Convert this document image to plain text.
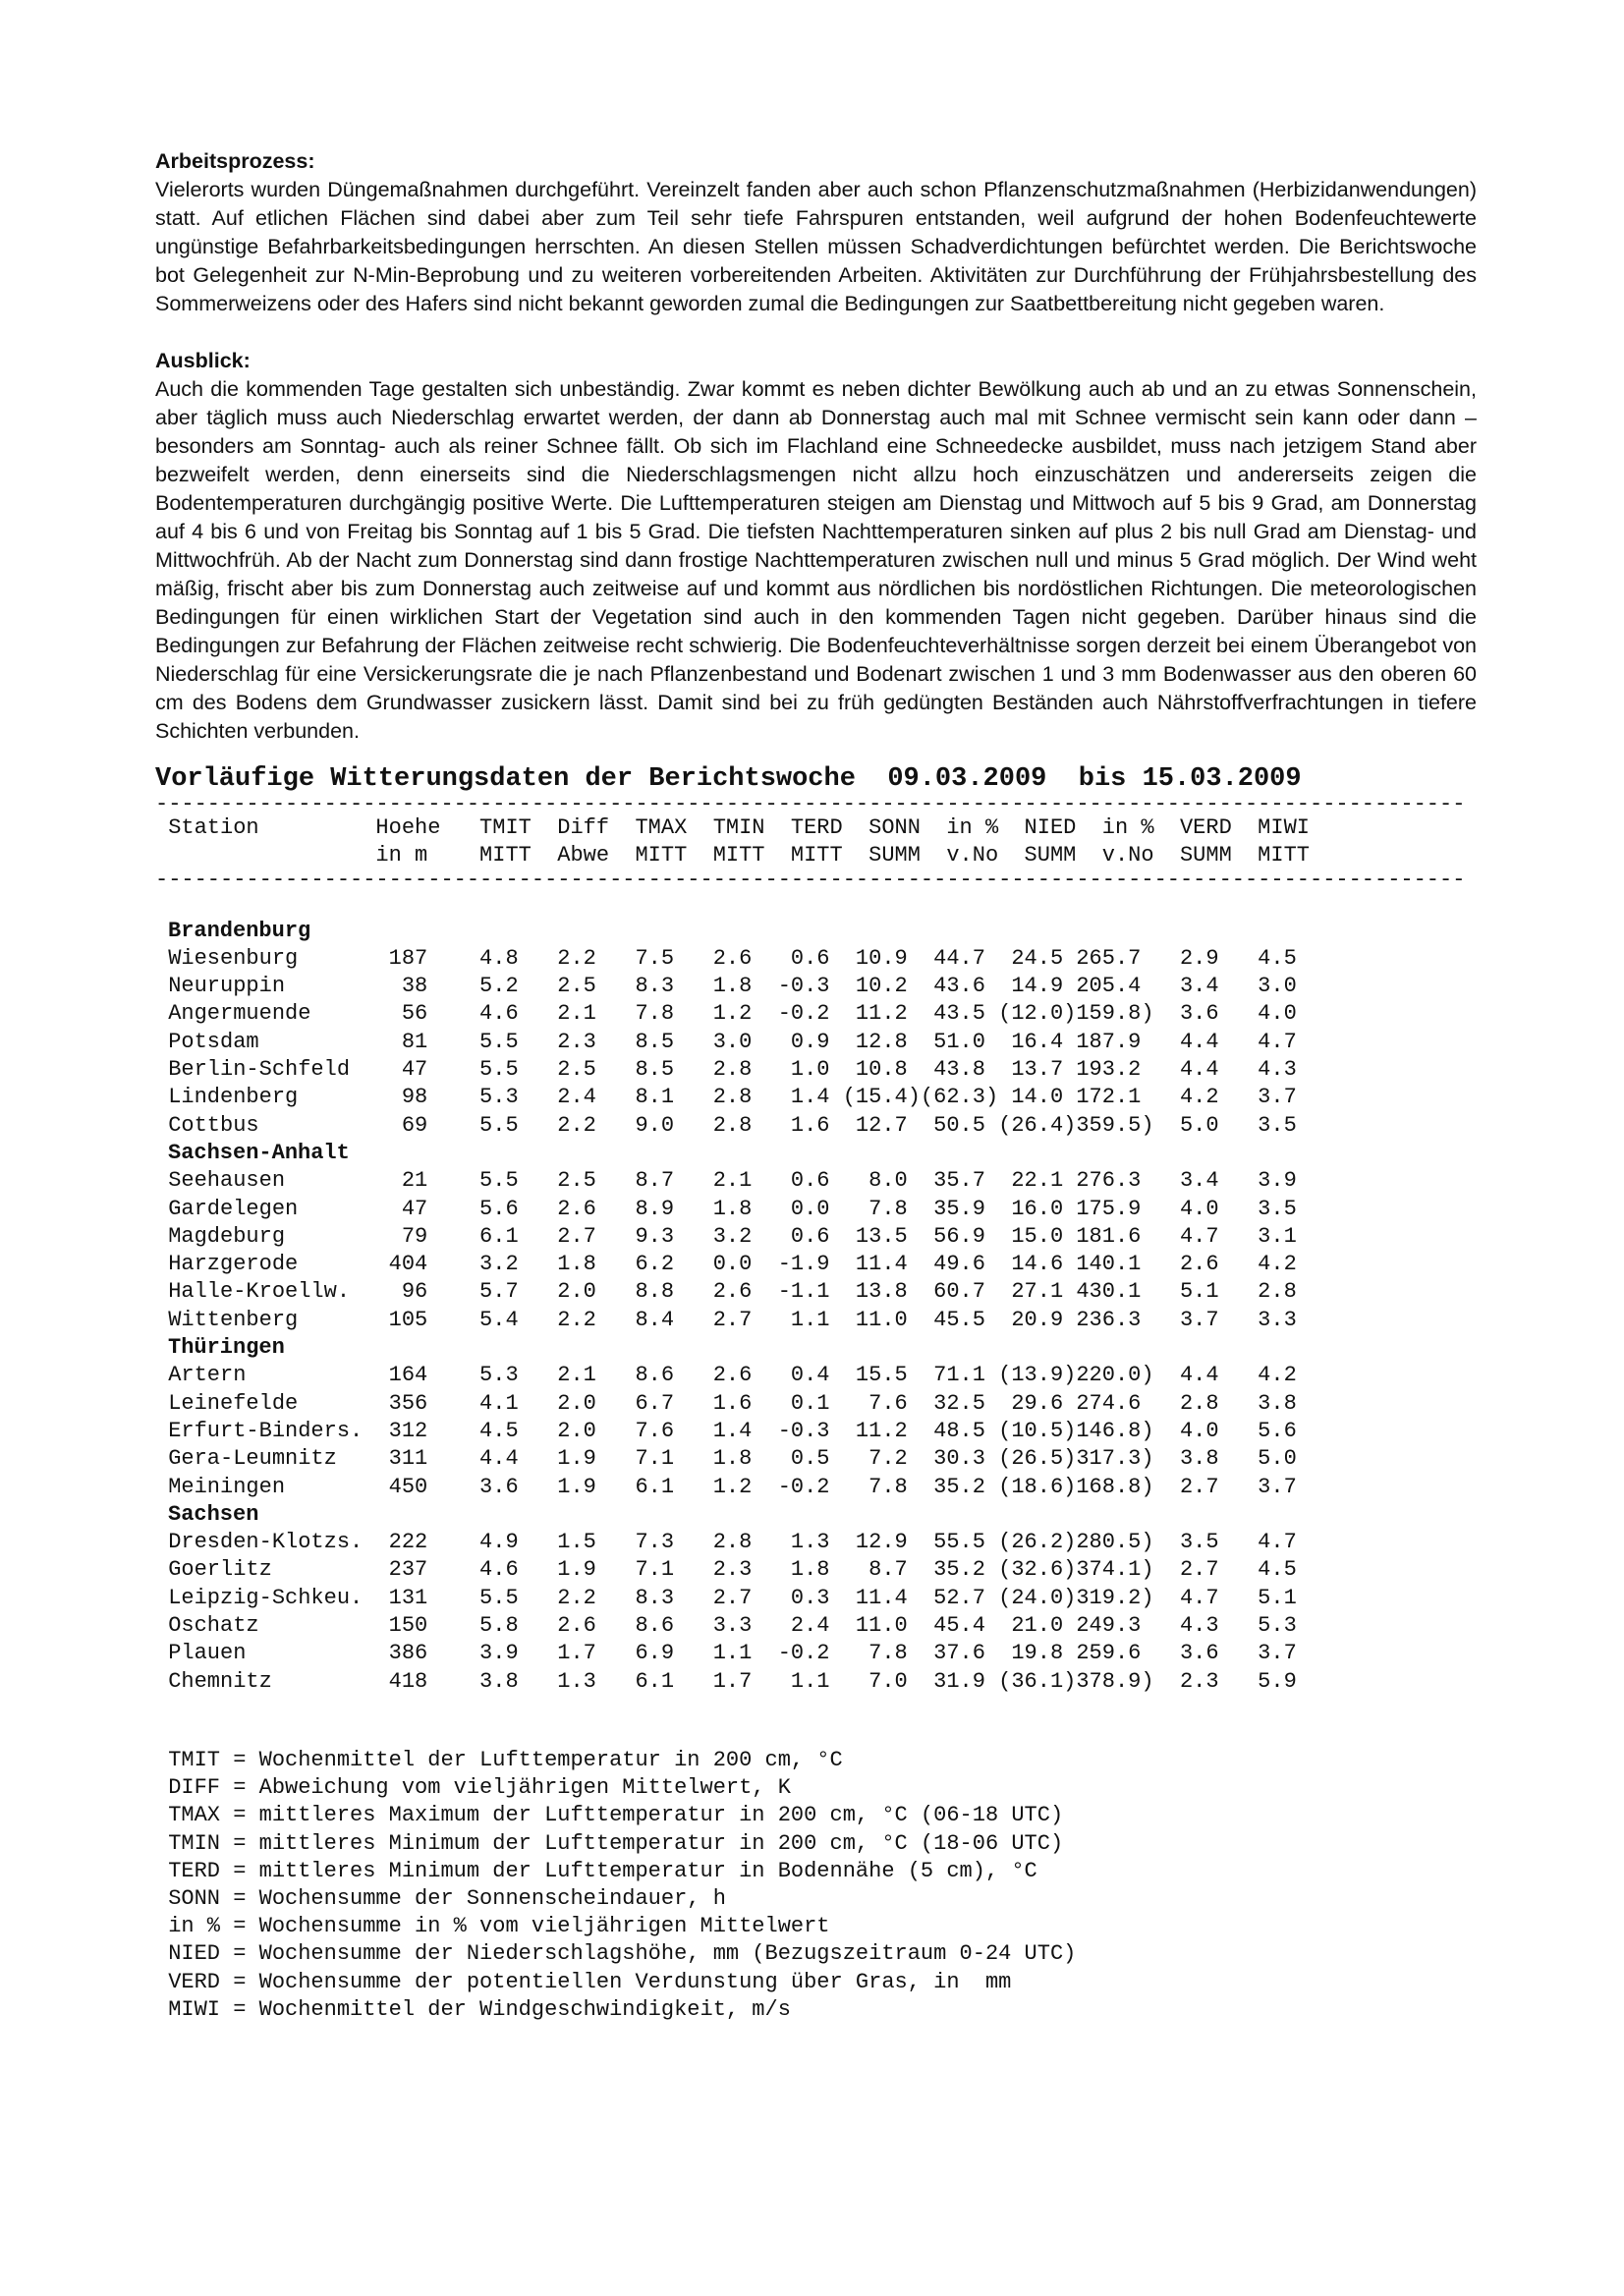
Arbeitsprozess:

Vielerorts wurden Düngemaßnahmen durchgeführt. Vereinzelt fanden aber auch schon Pflanzenschutzmaßnahmen (Herbizidanwendungen) statt. Auf etlichen Flächen sind dabei aber zum Teil sehr tiefe Fahrspuren entstanden, weil aufgrund der hohen Bodenfeuchtewerte ungünstige Befahrbarkeitsbedingungen herrschten. An diesen Stellen müssen Schadverdichtungen befürchtet werden. Die Berichtswoche bot Gelegenheit zur N-Min-Beprobung und zu weiteren vorbereitenden Arbeiten. Aktivitäten zur Durchführung der Frühjahrsbestellung des Sommerweizens oder des Hafers sind nicht bekannt geworden zumal die Bedingungen zur Saatbettbereitung nicht gegeben waren.

Ausblick:

Auch die kommenden Tage gestalten sich unbeständig. Zwar kommt es neben dichter Bewölkung auch ab und an zu etwas Sonnenschein, aber täglich muss auch Niederschlag erwartet werden, der dann ab Donnerstag auch mal mit Schnee vermischt sein kann oder dann –besonders am Sonntag- auch als reiner Schnee fällt. Ob sich im Flachland eine Schneedecke ausbildet, muss nach jetzigem Stand aber bezweifelt werden, denn einerseits sind die Niederschlagsmengen nicht allzu hoch einzuschätzen und andererseits zeigen die Bodentemperaturen durchgängig positive Werte. Die Lufttemperaturen steigen am Dienstag und Mittwoch auf 5 bis 9 Grad, am Donnerstag auf 4 bis 6 und von Freitag bis Sonntag auf 1 bis 5 Grad. Die tiefsten Nachttemperaturen sinken auf plus 2 bis null Grad am Dienstag- und Mittwochfrüh. Ab der Nacht zum Donnerstag sind dann frostige Nachttemperaturen zwischen null und minus 5 Grad möglich. Der Wind weht mäßig, frischt aber bis zum Donnerstag auch zeitweise auf und kommt aus nördlichen bis nordöstlichen Richtungen. Die meteorologischen Bedingungen für einen wirklichen Start der Vegetation sind auch in den kommenden Tagen nicht gegeben. Darüber hinaus sind die Bedingungen zur Befahrung der Flächen zeitweise recht schwierig. Die Bodenfeuchteverhältnisse sorgen derzeit bei einem Überangebot von Niederschlag für eine Versickerungsrate die je nach Pflanzenbestand und Bodenart zwischen 1 und 3 mm Bodenwasser aus den oberen 60 cm des Bodens dem Grundwasser zusickern lässt. Damit sind bei zu früh gedüngten Beständen auch Nährstoffverfrachtungen in tiefere Schichten verbunden.

Vorläufige Witterungsdaten der Berichtswoche  09.03.2009  bis 15.03.2009

-----------------------------------------------------------------------------------------------------

Station         Hoehe   TMIT  Diff  TMAX  TMIN  TERD  SONN  in %  NIED  in %  VERD  MIWI

in m    MITT  Abwe  MITT  MITT  MITT  SUMM  v.No  SUMM  v.No  SUMM  MITT

-----------------------------------------------------------------------------------------------------

Brandenburg

Wiesenburg       187    4.8   2.2   7.5   2.6   0.6  10.9  44.7  24.5 265.7   2.9   4.5

Neuruppin         38    5.2   2.5   8.3   1.8  -0.3  10.2  43.6  14.9 205.4   3.4   3.0

Angermuende       56    4.6   2.1   7.8   1.2  -0.2  11.2  43.5 (12.0)159.8)  3.6   4.0

Potsdam           81    5.5   2.3   8.5   3.0   0.9  12.8  51.0  16.4 187.9   4.4   4.7

Berlin-Schfeld    47    5.5   2.5   8.5   2.8   1.0  10.8  43.8  13.7 193.2   4.4   4.3

Lindenberg        98    5.3   2.4   8.1   2.8   1.4 (15.4)(62.3) 14.0 172.1   4.2   3.7

Cottbus           69    5.5   2.2   9.0   2.8   1.6  12.7  50.5 (26.4)359.5)  5.0   3.5

Sachsen-Anhalt

Seehausen         21    5.5   2.5   8.7   2.1   0.6   8.0  35.7  22.1 276.3   3.4   3.9

Gardelegen        47    5.6   2.6   8.9   1.8   0.0   7.8  35.9  16.0 175.9   4.0   3.5

Magdeburg         79    6.1   2.7   9.3   3.2   0.6  13.5  56.9  15.0 181.6   4.7   3.1

Harzgerode       404    3.2   1.8   6.2   0.0  -1.9  11.4  49.6  14.6 140.1   2.6   4.2

Halle-Kroellw.    96    5.7   2.0   8.8   2.6  -1.1  13.8  60.7  27.1 430.1   5.1   2.8

Wittenberg       105    5.4   2.2   8.4   2.7   1.1  11.0  45.5  20.9 236.3   3.7   3.3

Thüringen

Artern           164    5.3   2.1   8.6   2.6   0.4  15.5  71.1 (13.9)220.0)  4.4   4.2

Leinefelde       356    4.1   2.0   6.7   1.6   0.1   7.6  32.5  29.6 274.6   2.8   3.8

Erfurt-Binders.  312    4.5   2.0   7.6   1.4  -0.3  11.2  48.5 (10.5)146.8)  4.0   5.6

Gera-Leumnitz    311    4.4   1.9   7.1   1.8   0.5   7.2  30.3 (26.5)317.3)  3.8   5.0

Meiningen        450    3.6   1.9   6.1   1.2  -0.2   7.8  35.2 (18.6)168.8)  2.7   3.7

Sachsen

Dresden-Klotzs.  222    4.9   1.5   7.3   2.8   1.3  12.9  55.5 (26.2)280.5)  3.5   4.7

Goerlitz         237    4.6   1.9   7.1   2.3   1.8   8.7  35.2 (32.6)374.1)  2.7   4.5

Leipzig-Schkeu.  131    5.5   2.2   8.3   2.7   0.3  11.4  52.7 (24.0)319.2)  4.7   5.1

Oschatz          150    5.8   2.6   8.6   3.3   2.4  11.0  45.4  21.0 249.3   4.3   5.3

Plauen           386    3.9   1.7   6.9   1.1  -0.2   7.8  37.6  19.8 259.6   3.6   3.7

Chemnitz         418    3.8   1.3   6.1   1.7   1.1   7.0  31.9 (36.1)378.9)  2.3   5.9

TMIT = Wochenmittel der Lufttemperatur in 200 cm, °C

DIFF = Abweichung vom vieljährigen Mittelwert, K

TMAX = mittleres Maximum der Lufttemperatur in 200 cm, °C (06-18 UTC)

TMIN = mittleres Minimum der Lufttemperatur in 200 cm, °C (18-06 UTC)

TERD = mittleres Minimum der Lufttemperatur in Bodennähe (5 cm), °C

SONN = Wochensumme der Sonnenscheindauer, h

in % = Wochensumme in % vom vieljährigen Mittelwert

NIED = Wochensumme der Niederschlagshöhe, mm (Bezugszeitraum 0-24 UTC)

VERD = Wochensumme der potentiellen Verdunstung über Gras, in  mm

MIWI = Wochenmittel der Windgeschwindigkeit, m/s
